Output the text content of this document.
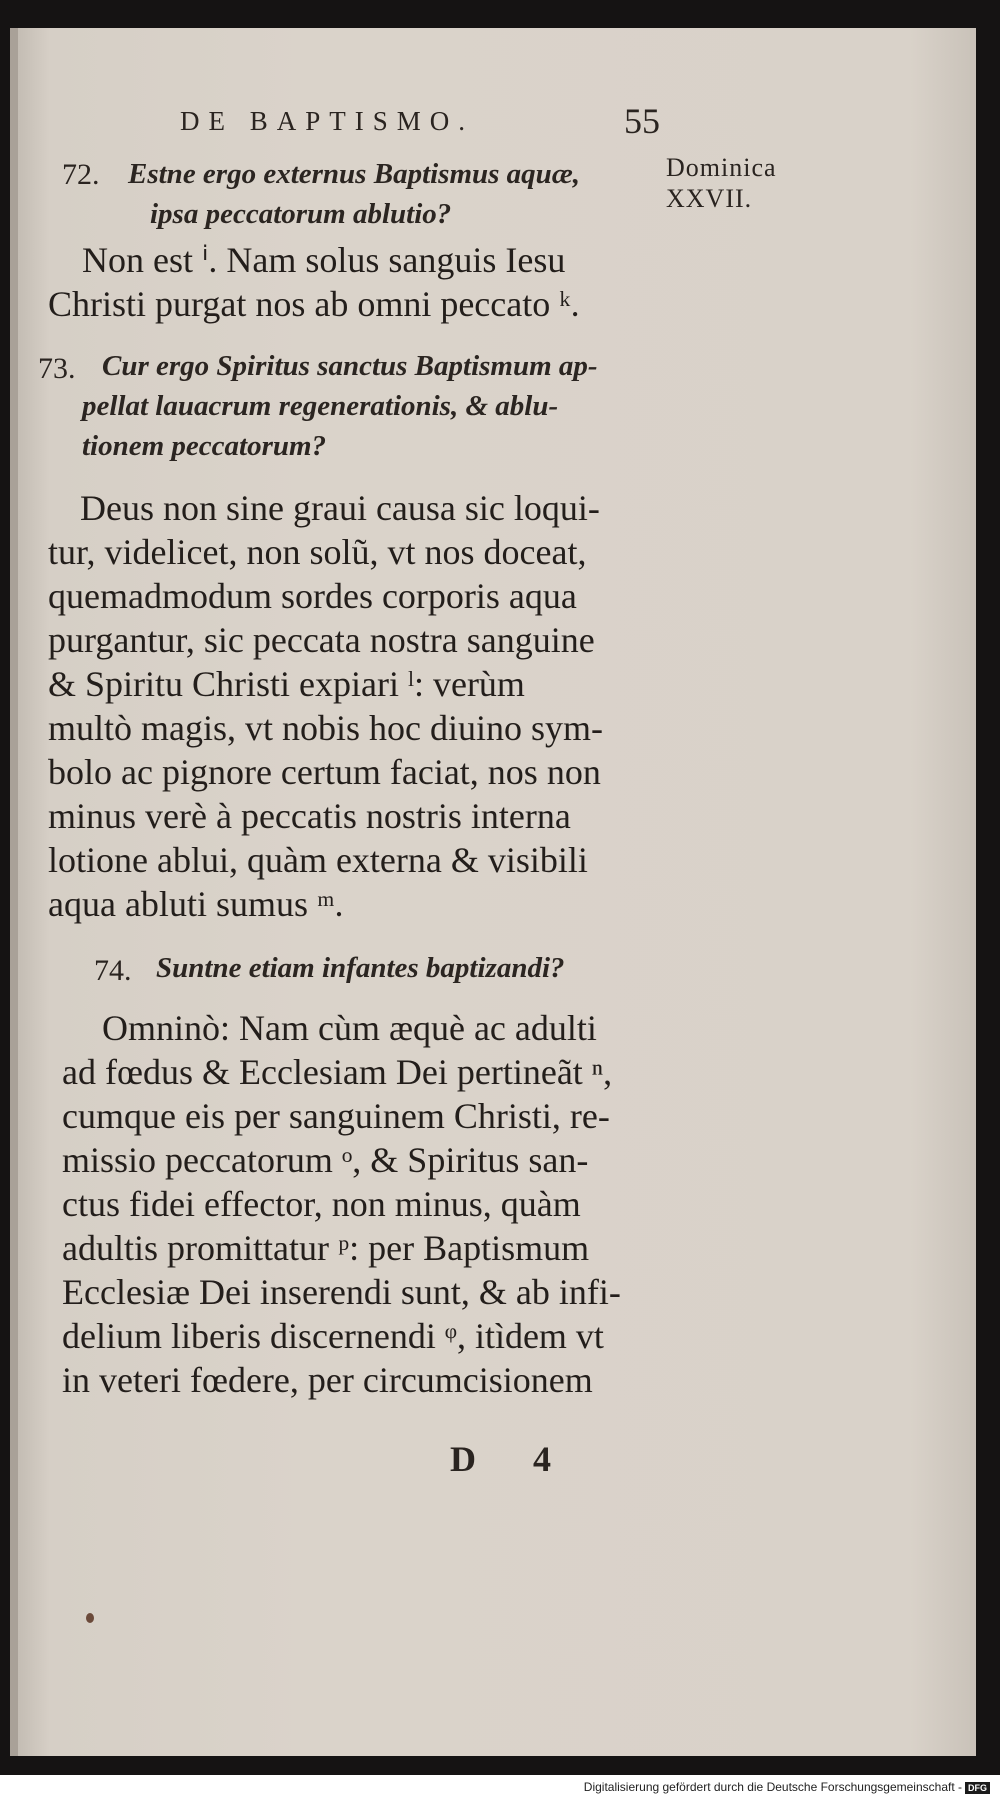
DE BAPTISMO.	55
Dominica
XXVII.
72. Estne ergo externus Baptismus aquæ,
ipsa peccatorum ablutio?
Non est ⁱ. Nam solus sanguis Iesu
Christi purgat nos ab omni peccato ᵏ.
73. Cur ergo Spiritus sanctus Baptismum ap-
pellat lauacrum regenerationis, & ablu-
tionem peccatorum?
Deus non sine graui causa sic loqui-
tur, videlicet, non solũ, vt nos doceat,
quemadmodum sordes corporis aqua
purgantur, sic peccata nostra sanguine
& Spiritu Christi expiari ˡ: verùm
multò magis, vt nobis hoc diuino sym-
bolo ac pignore certum faciat, nos non
minus verè à peccatis nostris interna
lotione ablui, quàm externa & visibili
aqua abluti sumus ᵐ.
74. Suntne etiam infantes baptizandi?
Omninò: Nam cùm æquè ac adulti
ad fœdus & Ecclesiam Dei pertineãt ⁿ,
cumque eis per sanguinem Christi, re-
missio peccatorum ᵒ, & Spiritus san-
ctus fidei effector, non minus, quàm
adultis promittatur ᵖ: per Baptismum
Ecclesiæ Dei inserendi sunt, & ab infi-
delium liberis discernendi ᵠ, itìdem vt
in veteri fœdere, per circumcisionem
D 4
Digitalisierung gefördert durch die Deutsche Forschungsgemeinschaft - DFG
